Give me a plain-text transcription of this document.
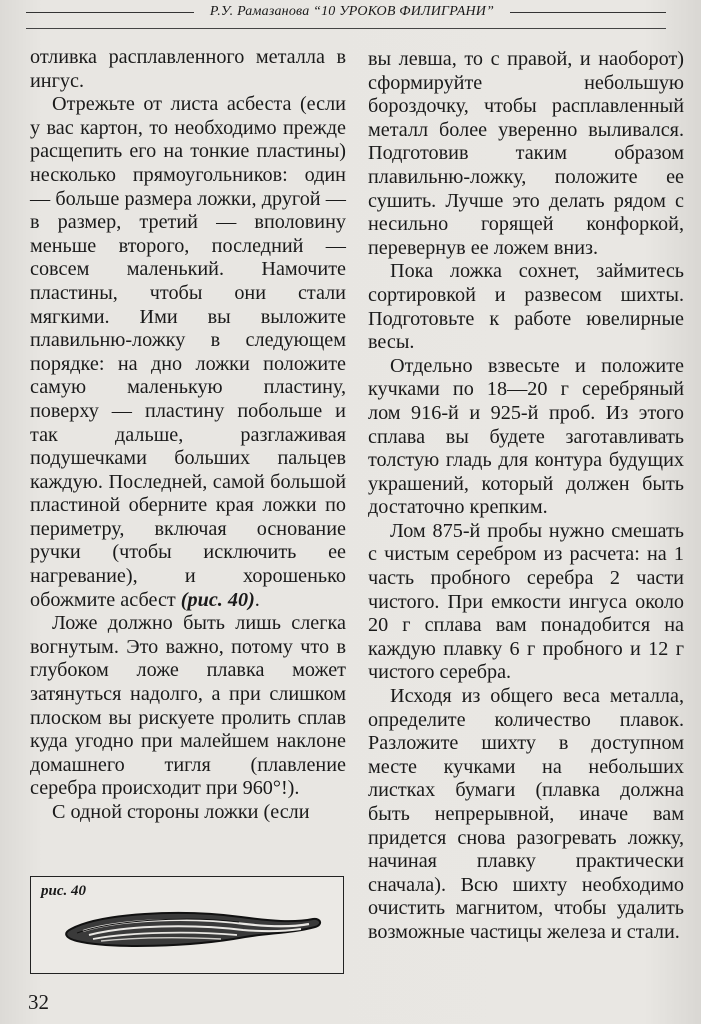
Р.У. Рамазанова “10 УРОКОВ ФИЛИГРАНИ”

отливка расплавленного металла в ингус.

Отрежьте от листа асбеста (если у вас картон, то необходимо прежде расщепить его на тонкие пластины) несколько прямоугольников: один — больше размера ложки, другой — в размер, третий — вполовину меньше второго, последний — совсем маленький. Намочите пластины, чтобы они стали мягкими. Ими вы выложите плавильню-ложку в следующем порядке: на дно ложки положите самую маленькую пластину, поверху — пластину побольше и так дальше, разглаживая подушечками больших пальцев каждую. Последней, самой большой пластиной оберните края ложки по периметру, включая основание ручки (чтобы исключить ее нагревание), и хорошенько обожмите асбест (рис. 40).

Ложе должно быть лишь слегка вогнутым. Это важно, потому что в глубоком ложе плавка может затянуться надолго, а при слишком плоском вы рискуете пролить сплав куда угодно при малейшем наклоне домашнего тигля (плавление серебра происходит при 960°!).

С одной стороны ложки (если

вы левша, то с правой, и наоборот) сформируйте небольшую бороздочку, чтобы расплавленный металл более уверенно выливался. Подготовив таким образом плавильню-ложку, положите ее сушить. Лучше это делать рядом с несильно горящей конфоркой, перевернув ее ложем вниз.

Пока ложка сохнет, займитесь сортировкой и развесом шихты. Подготовьте к работе ювелирные весы.

Отдельно взвесьте и положите кучками по 18—20 г серебряный лом 916-й и 925-й проб. Из этого сплава вы будете заготавливать толстую гладь для контура будущих украшений, который должен быть достаточно крепким.

Лом 875-й пробы нужно смешать с чистым серебром из расчета: на 1 часть пробного серебра 2 части чистого. При емкости ингуса около 20 г сплава вам понадобится на каждую плавку 6 г пробного и 12 г чистого серебра.

Исходя из общего веса металла, определите количество плавок. Разложите шихту в доступном месте кучками на небольших листках бумаги (плавка должна быть непрерывной, иначе вам придется снова разогревать ложку, начиная плавку практически сначала). Всю шихту необходимо очистить магнитом, чтобы удалить возможные частицы железа и стали.

рис. 40
32
